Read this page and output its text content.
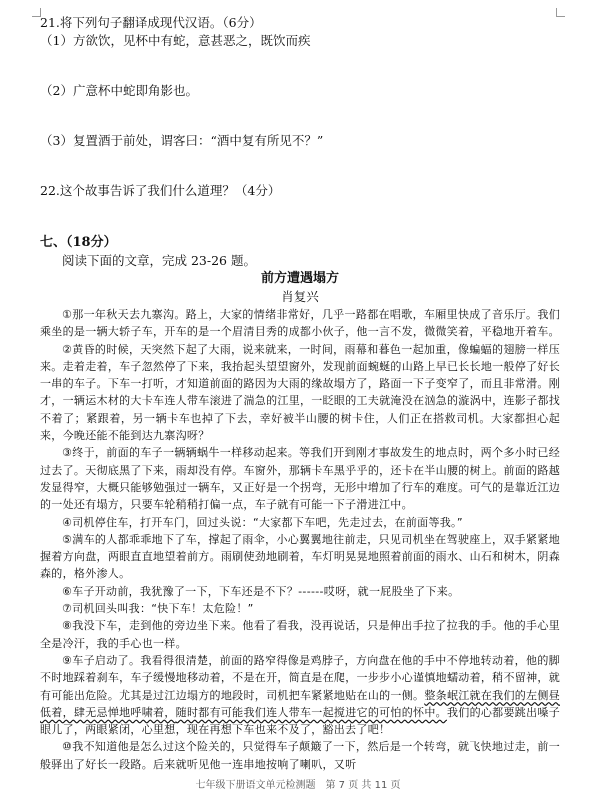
21.将下列句子翻译成现代汉语。（6分）
（1）方欲饮，见杯中有蛇，意甚恶之，既饮而疾
（2）广意杯中蛇即角影也。
（3）复置酒于前处，谓客曰：“酒中复有所见不？”
22.这个故事告诉了我们什么道理？（4分）
七、（18分）
阅读下面的文章，完成 23-26 题。
前方遭遇塌方
肖复兴
①那一年秋天去九寨沟。路上，大家的情绪非常好，几乎一路都在唱歌，车厢里快成了音乐厅。我们乘坐的是一辆大轿子车，开车的是一个眉清目秀的成都小伙子，他一言不发，微微笑着，平稳地开着车。
②黄昏的时候，天突然下起了大雨，说来就来，一时间，雨幕和暮色一起加重，像蝙蝠的翅膀一样压来。走着走着，车子忽然停了下来，我抬起头望望窗外，发现前面蜿蜒的山路上早已长长地一般停了好长一串的车子。下车一打听，才知道前面的路因为大雨的缘故塌方了，路面一下子变窄了，而且非常滑。刚才，一辆运木材的大卡车连人带车滚进了湍急的江里，一眨眼的工夫就淹没在汹急的漩涡中，连影子都找不着了；紧跟着，另一辆卡车也掉了下去，幸好被半山腰的树卡住，人们正在搭救司机。大家都担心起来，今晚还能不能到达九寨沟呀？
③终于，前面的车子一辆辆蜗牛一样移动起来。等我们开到刚才事故发生的地点时，两个多小时已经过去了。天彻底黑了下来，雨却没有停。车窗外，那辆卡车黑乎乎的，还卡在半山腰的树上。前面的路越发显得窄，大概只能够勉强过一辆车，又正好是一个拐弯，无形中增加了行车的难度。可气的是靠近江边的一处还有塌方，只要车轮稍稍打偏一点，车子就有可能一下子滑进江中。
④司机停住车，打开车门，回过头说：“大家都下车吧，先走过去，在前面等我。”
⑤满车的人都乖乖地下了车，撑起了雨伞，小心翼翼地往前走，只见司机坐在驾驶座上，双手紧紧地握着方向盘，两眼直直地望着前方。雨刷使劲地刷着，车灯明晃晃地照着前面的雨水、山石和树木，阴森森的，格外渗人。
⑥车子开动前，我犹豫了一下，下车还是不下？------哎呀，就一屁股坐了下来。
⑦司机回头叫我：“快下车！太危险！”
⑧我没下车，走到他的旁边坐下来。他看了看我，没再说话，只是伸出手拉了拉我的手。他的手心里全是冷汗，我的手心也一样。
⑨车子启动了。我看得很清楚，前面的路窄得像是鸡脖子，方向盘在他的手中不停地转动着，他的脚不时地踩着刹车，车子缓慢地移动着，不是在开，简直是在爬，一步步小心谨慎地蠕动着，稍不留神，就有可能出危险。尤其是过江边塌方的地段时，司机把车紧紧地贴在山的一侧。整条岷江就在我们的左侧昼低着，肆无忌惮地呼啸着，随时都有可能我们连人带车一起搅进它的可怕的怀中。我们的心都要跳出嗓子眼儿了，两眼紧闭，心里想，现在再想下车也来不及了，豁出去了吧！
⑩我不知道他是怎么过这个险关的，只觉得车子颠簸了一下，然后是一个转弯，就飞快地过走，前一般驿出了好长一段路。后来就听见他一连串地按响了喇叭，又听
七年级下册语文单元检测题　第 7 页 共 11 页
